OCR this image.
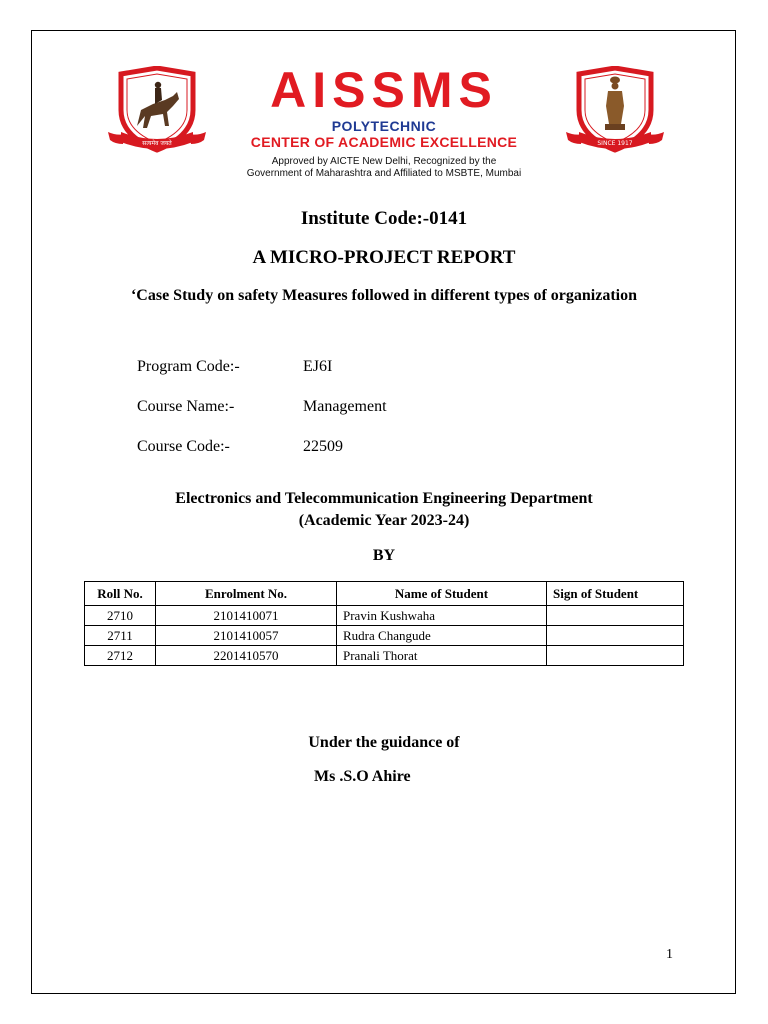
सत्यमेव जयते	SINCE 1917
AISSMS
POLYTECHNIC
CENTER OF ACADEMIC EXCELLENCE
Approved by AICTE New Delhi, Recognized by the
Government of Maharashtra and Affiliated to MSBTE, Mumbai
Institute Code:-0141
A MICRO-PROJECT REPORT
‘Case Study on safety Measures followed in different types of organization
Program Code:-	EJ6I
Course Name:-	Management
Course Code:-	22509
Electronics and Telecommunication Engineering Department
(Academic Year 2023-24)
BY
Roll No.	Enrolment No.	Name of Student	Sign of Student
2710	2101410071	Pravin Kushwaha	
2711	2101410057	Rudra Changude	
2712	2201410570	Pranali Thorat	
Under the guidance of
Ms .S.O Ahire
1
